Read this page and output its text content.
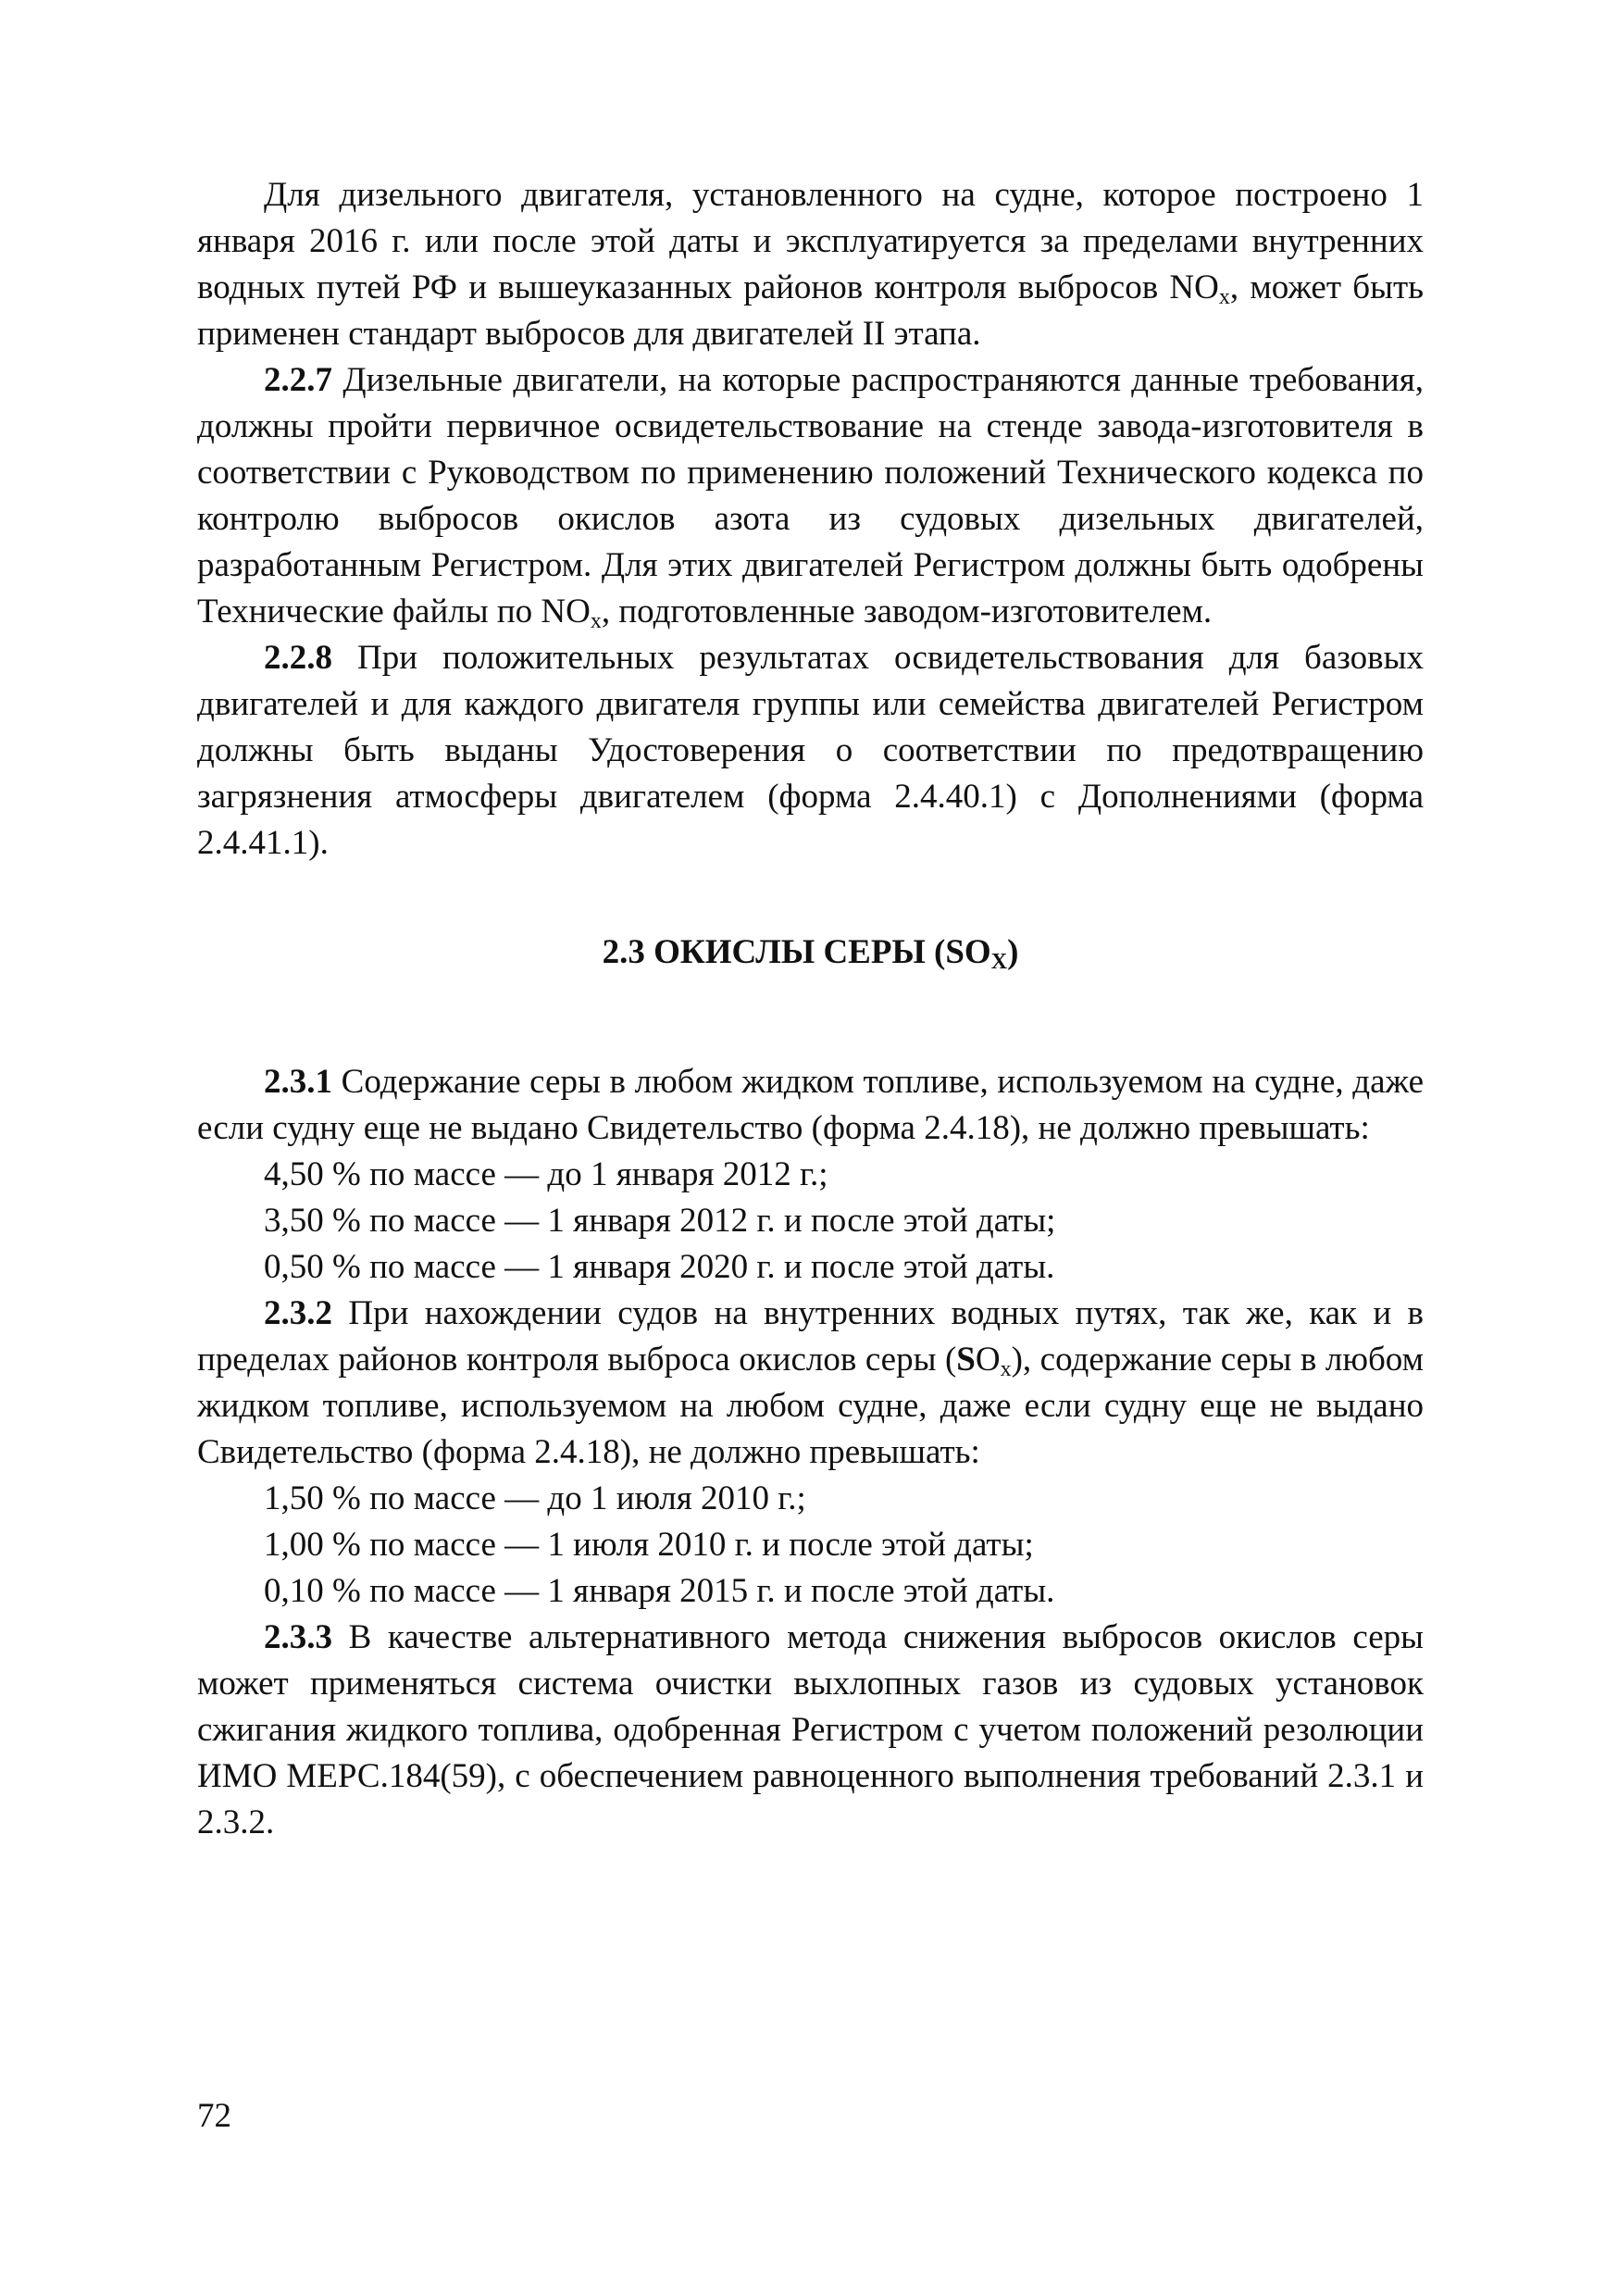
Для дизельного двигателя, установленного на судне, которое построено 1 января 2016 г. или после этой даты и эксплуатируется за пределами внутренних водных путей РФ и вышеуказанных районов контроля выбросов $NO_x$, может быть применен стандарт выбросов для двигателей II этапа.

2.2.7 Дизельные двигатели, на которые распространяются данные требования, должны пройти первичное освидетельствование на стенде завода-изготовителя в соответствии с Руководством по применению положений Технического кодекса по контролю выбросов окислов азота из судовых дизельных двигателей, разработанным Регистром. Для этих двигателей Регистром должны быть одобрены Технические файлы по $NO_x$, подготовленные заводом-изготовителем.

2.2.8 При положительных результатах освидетельствования для базовых двигателей и для каждого двигателя группы или семейства двигателей Регистром должны быть выданы Удостоверения о соответствии по предотвращению загрязнения атмосферы двигателем (форма 2.4.40.1) с Дополнениями (форма 2.4.41.1).

2.3 ОКИСЛЫ СЕРЫ $(SO_X)$

2.3.1 Содержание серы в любом жидком топливе, используемом на судне, даже если судну еще не выдано Свидетельство (форма 2.4.18), не должно превышать:

4,50 % по массе — до 1 января 2012 г.;

3,50 % по массе — 1 января 2012 г. и после этой даты;

0,50 % по массе — 1 января 2020 г. и после этой даты.

2.3.2 При нахождении судов на внутренних водных путях, так же, как и в пределах районов контроля выброса окислов серы $(SO_x)$, содержание серы в любом жидком топливе, используемом на любом судне, даже если судну еще не выдано Свидетельство (форма 2.4.18), не должно превышать:

1,50 % по массе — до 1 июля 2010 г.;

1,00 % по массе — 1 июля 2010 г. и после этой даты;

0,10 % по массе — 1 января 2015 г. и после этой даты.

2.3.3 В качестве альтернативного метода снижения выбросов окислов серы может применяться система очистки выхлопных газов из судовых установок сжигания жидкого топлива, одобренная Регистром с учетом положений резолюции ИМО МЕРС.184(59), с обеспечением равноценного выполнения требований 2.3.1 и 2.3.2.

72
